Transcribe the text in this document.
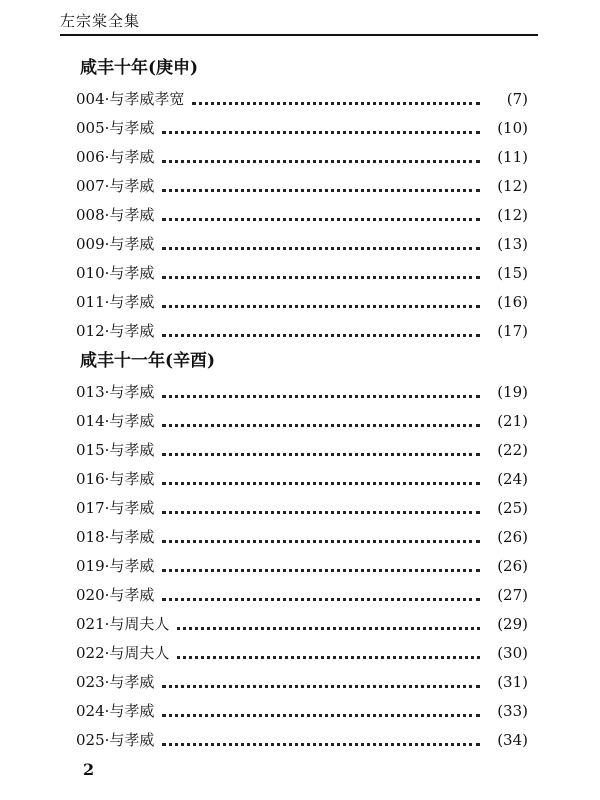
左宗棠全集
咸丰十年(庚申)
004·与孝威孝宽	(7)
005·与孝威	(10)
006·与孝威	(11)
007·与孝威	(12)
008·与孝威	(12)
009·与孝威	(13)
010·与孝威	(15)
011·与孝威	(16)
012·与孝威	(17)
咸丰十一年(辛酉)
013·与孝威	(19)
014·与孝威	(21)
015·与孝威	(22)
016·与孝威	(24)
017·与孝威	(25)
018·与孝威	(26)
019·与孝威	(26)
020·与孝威	(27)
021·与周夫人	(29)
022·与周夫人	(30)
023·与孝威	(31)
024·与孝威	(33)
025·与孝威	(34)
2
